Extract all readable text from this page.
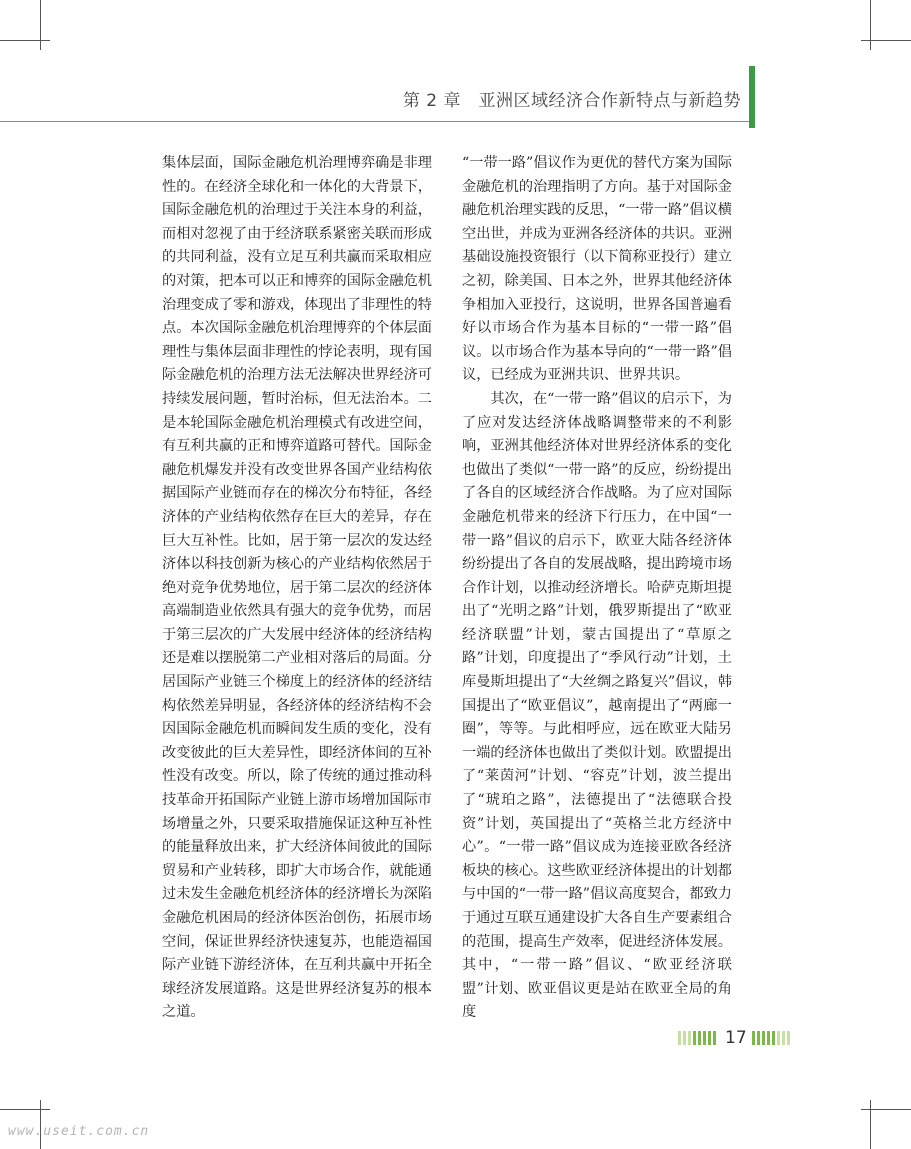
第 2 章　亚洲区域经济合作新特点与新趋势

集体层面，国际金融危机治理博弈确是非理性的。在经济全球化和一体化的大背景下，国际金融危机的治理过于关注本身的利益，而相对忽视了由于经济联系紧密关联而形成的共同利益，没有立足互利共赢而采取相应的对策，把本可以正和博弈的国际金融危机治理变成了零和游戏，体现出了非理性的特点。本次国际金融危机治理博弈的个体层面理性与集体层面非理性的悖论表明，现有国际金融危机的治理方法无法解决世界经济可持续发展问题，暂时治标，但无法治本。二是本轮国际金融危机治理模式有改进空间，有互利共赢的正和博弈道路可替代。国际金融危机爆发并没有改变世界各国产业结构依据国际产业链而存在的梯次分布特征，各经济体的产业结构依然存在巨大的差异，存在巨大互补性。比如，居于第一层次的发达经济体以科技创新为核心的产业结构依然居于绝对竞争优势地位，居于第二层次的经济体高端制造业依然具有强大的竞争优势，而居于第三层次的广大发展中经济体的经济结构还是难以摆脱第二产业相对落后的局面。分居国际产业链三个梯度上的经济体的经济结构依然差异明显，各经济体的经济结构不会因国际金融危机而瞬间发生质的变化，没有改变彼此的巨大差异性，即经济体间的互补性没有改变。所以，除了传统的通过推动科技革命开拓国际产业链上游市场增加国际市场增量之外，只要采取措施保证这种互补性的能量释放出来，扩大经济体间彼此的国际贸易和产业转移，即扩大市场合作，就能通过未发生金融危机经济体的经济增长为深陷金融危机困局的经济体医治创伤，拓展市场空间，保证世界经济快速复苏，也能造福国际产业链下游经济体，在互利共赢中开拓全球经济发展道路。这是世界经济复苏的根本之道。

“一带一路”倡议作为更优的替代方案为国际金融危机的治理指明了方向。基于对国际金融危机治理实践的反思，“一带一路”倡议横空出世，并成为亚洲各经济体的共识。亚洲基础设施投资银行（以下简称亚投行）建立之初，除美国、日本之外，世界其他经济体争相加入亚投行，这说明，世界各国普遍看好以市场合作为基本目标的“一带一路”倡议。以市场合作为基本导向的“一带一路”倡议，已经成为亚洲共识、世界共识。

其次，在“一带一路”倡议的启示下，为了应对发达经济体战略调整带来的不利影响，亚洲其他经济体对世界经济体系的变化也做出了类似“一带一路”的反应，纷纷提出了各自的区域经济合作战略。为了应对国际金融危机带来的经济下行压力，在中国“一带一路”倡议的启示下，欧亚大陆各经济体纷纷提出了各自的发展战略，提出跨境市场合作计划，以推动经济增长。哈萨克斯坦提出了“光明之路”计划，俄罗斯提出了“欧亚经济联盟”计划，蒙古国提出了“草原之路”计划，印度提出了“季风行动”计划，土库曼斯坦提出了“大丝绸之路复兴”倡议，韩国提出了“欧亚倡议”，越南提出了“两廊一圈”，等等。与此相呼应，远在欧亚大陆另一端的经济体也做出了类似计划。欧盟提出了“莱茵河”计划、“容克”计划，波兰提出了“琥珀之路”，法德提出了“法德联合投资”计划，英国提出了“英格兰北方经济中心”。“一带一路”倡议成为连接亚欧各经济板块的核心。这些欧亚经济体提出的计划都与中国的“一带一路”倡议高度契合，都致力于通过互联互通建设扩大各自生产要素组合的范围，提高生产效率，促进经济体发展。其中，“一带一路”倡议、“欧亚经济联盟”计划、欧亚倡议更是站在欧亚全局的角度

17
www.useit.com.cn
